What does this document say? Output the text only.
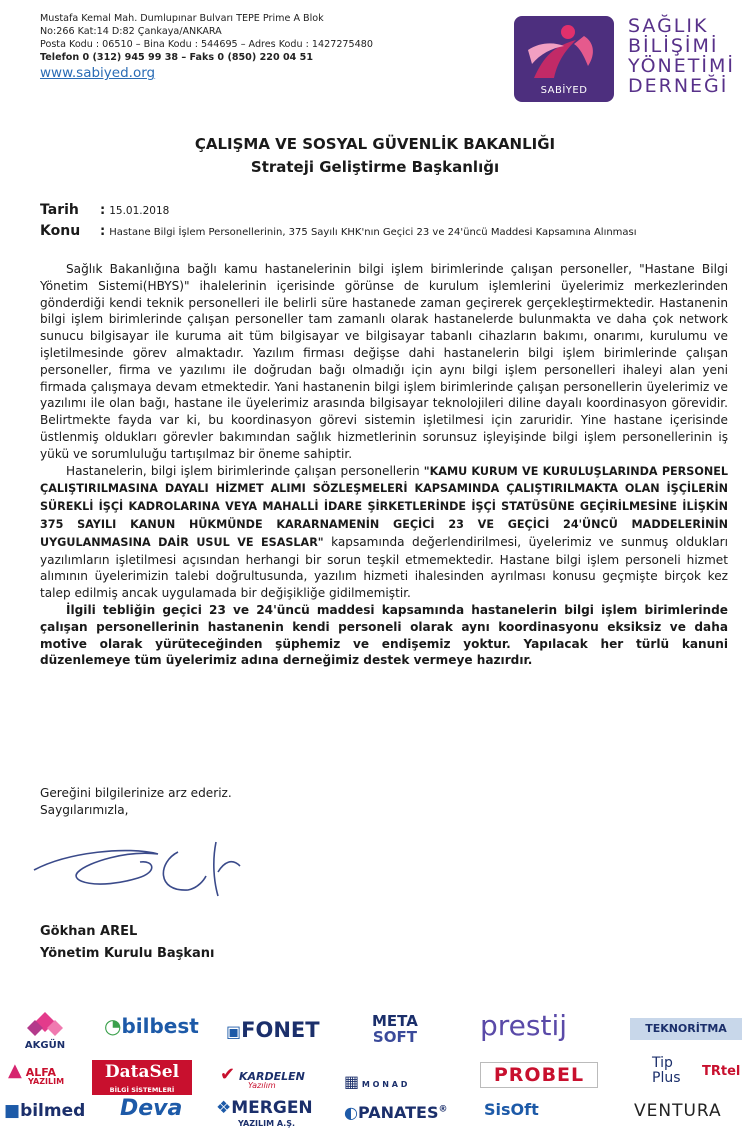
Mustafa Kemal Mah. Dumlupınar Bulvarı TEPE Prime A Blok
No:266 Kat:14 D:82 Çankaya/ANKARA
Posta Kodu : 06510 – Bina Kodu : 544695 – Adres Kodu : 1427275480
Telefon 0 (312) 945 99 38 – Faks 0 (850) 220 04 51
www.sabiyed.org
SABİYED
SAĞLIK
BİLİŞİMİ
YÖNETİMİ
DERNEĞİ
ÇALIŞMA VE SOSYAL GÜVENLİK BAKANLIĞI
Strateji Geliştirme Başkanlığı
Tarih	: 15.01.2018
Konu	: Hastane Bilgi İşlem Personellerinin, 375 Sayılı KHK'nın Geçici 23 ve 24'üncü Maddesi Kapsamına Alınması

Sağlık Bakanlığına bağlı kamu hastanelerinin bilgi işlem birimlerinde çalışan personeller, "Hastane Bilgi Yönetim Sistemi(HBYS)" ihalelerinin içerisinde görünse de kurulum işlemlerini üyelerimiz merkezlerinden gönderdiği kendi teknik personelleri ile belirli süre hastanede zaman geçirerek gerçekleştirmektedir. Hastanenin bilgi işlem birimlerinde çalışan personeller tam zamanlı olarak hastanelerde bulunmakta ve daha çok network sunucu bilgisayar ile kuruma ait tüm bilgisayar ve bilgisayar tabanlı cihazların bakımı, onarımı, kurulumu ve işletilmesinde görev almaktadır. Yazılım firması değişse dahi hastanelerin bilgi işlem birimlerinde çalışan personeller, firma ve yazılımı ile doğrudan bağı olmadığı için aynı bilgi işlem personelleri ihaleyi alan yeni firmada çalışmaya devam etmektedir. Yani hastanenin bilgi işlem birimlerinde çalışan personellerin üyelerimiz ve yazılımı ile olan bağı, hastane ile üyelerimiz arasında bilgisayar teknolojileri diline dayalı koordinasyon görevidir. Belirtmekte fayda var ki, bu koordinasyon görevi sistemin işletilmesi için zaruridir. Yine hastane içerisinde üstlenmiş oldukları görevler bakımından sağlık hizmetlerinin sorunsuz işleyişinde bilgi işlem personellerinin iş yükü ve sorumluluğu tartışılmaz bir öneme sahiptir.

Hastanelerin, bilgi işlem birimlerinde çalışan personellerin "KAMU KURUM VE KURULUŞLARINDA PERSONEL ÇALIŞTIRILMASINA DAYALI HİZMET ALIMI SÖZLEŞMELERİ KAPSAMINDA ÇALIŞTIRILMAKTA OLAN İŞÇİLERİN SÜREKLİ İŞÇİ KADROLARINA VEYA MAHALLİ İDARE ŞİRKETLERİNDE İŞÇİ STATÜSÜNE GEÇİRİLMESİNE İLİŞKİN 375 SAYILI KANUN HÜKMÜNDE KARARNAMENİN GEÇİCİ 23 VE GEÇİCİ 24'ÜNCÜ MADDELERİNİN UYGULANMASINA DAİR USUL VE ESASLAR" kapsamında değerlendirilmesi, üyelerimiz ve sunmuş oldukları yazılımların işletilmesi açısından herhangi bir sorun teşkil etmemektedir. Hastane bilgi işlem personeli hizmet alımının üyelerimizin talebi doğrultusunda, yazılım hizmeti ihalesinden ayrılması konusu geçmişte birçok kez talep edilmiş ancak uygulamada bir değişikliğe gidilmemiştir.

İlgili tebliğin geçici 23 ve 24'üncü maddesi kapsamında hastanelerin bilgi işlem birimlerinde çalışan personellerinin hastanenin kendi personeli olarak aynı koordinasyonu eksiksiz ve daha motive olarak yürüteceğinden şüphemiz ve endişemiz yoktur. Yapılacak her türlü kanuni düzenlemeye tüm üyelerimiz adına derneğimiz destek vermeye hazırdır.

Gereğini bilgilerinize arz ederiz.
Saygılarımızla,
Gökhan AREL
Yönetim Kurulu Başkanı
AKGÜN
◔bilbest ▣FONET	META
SOFT prestij	TEKNORİTMA
▲ ALFA
YAZILIM	DataSel
BİLGİ SİSTEMLERİ
✔ KARDELEN
Yazılım	▦ M O N A D	PROBEL
Tip
Plus TRtel
■bilmed Deva ❖MERGEN
YAZILIM A.Ş.
◐PANATES® SisOft	VENTURA
